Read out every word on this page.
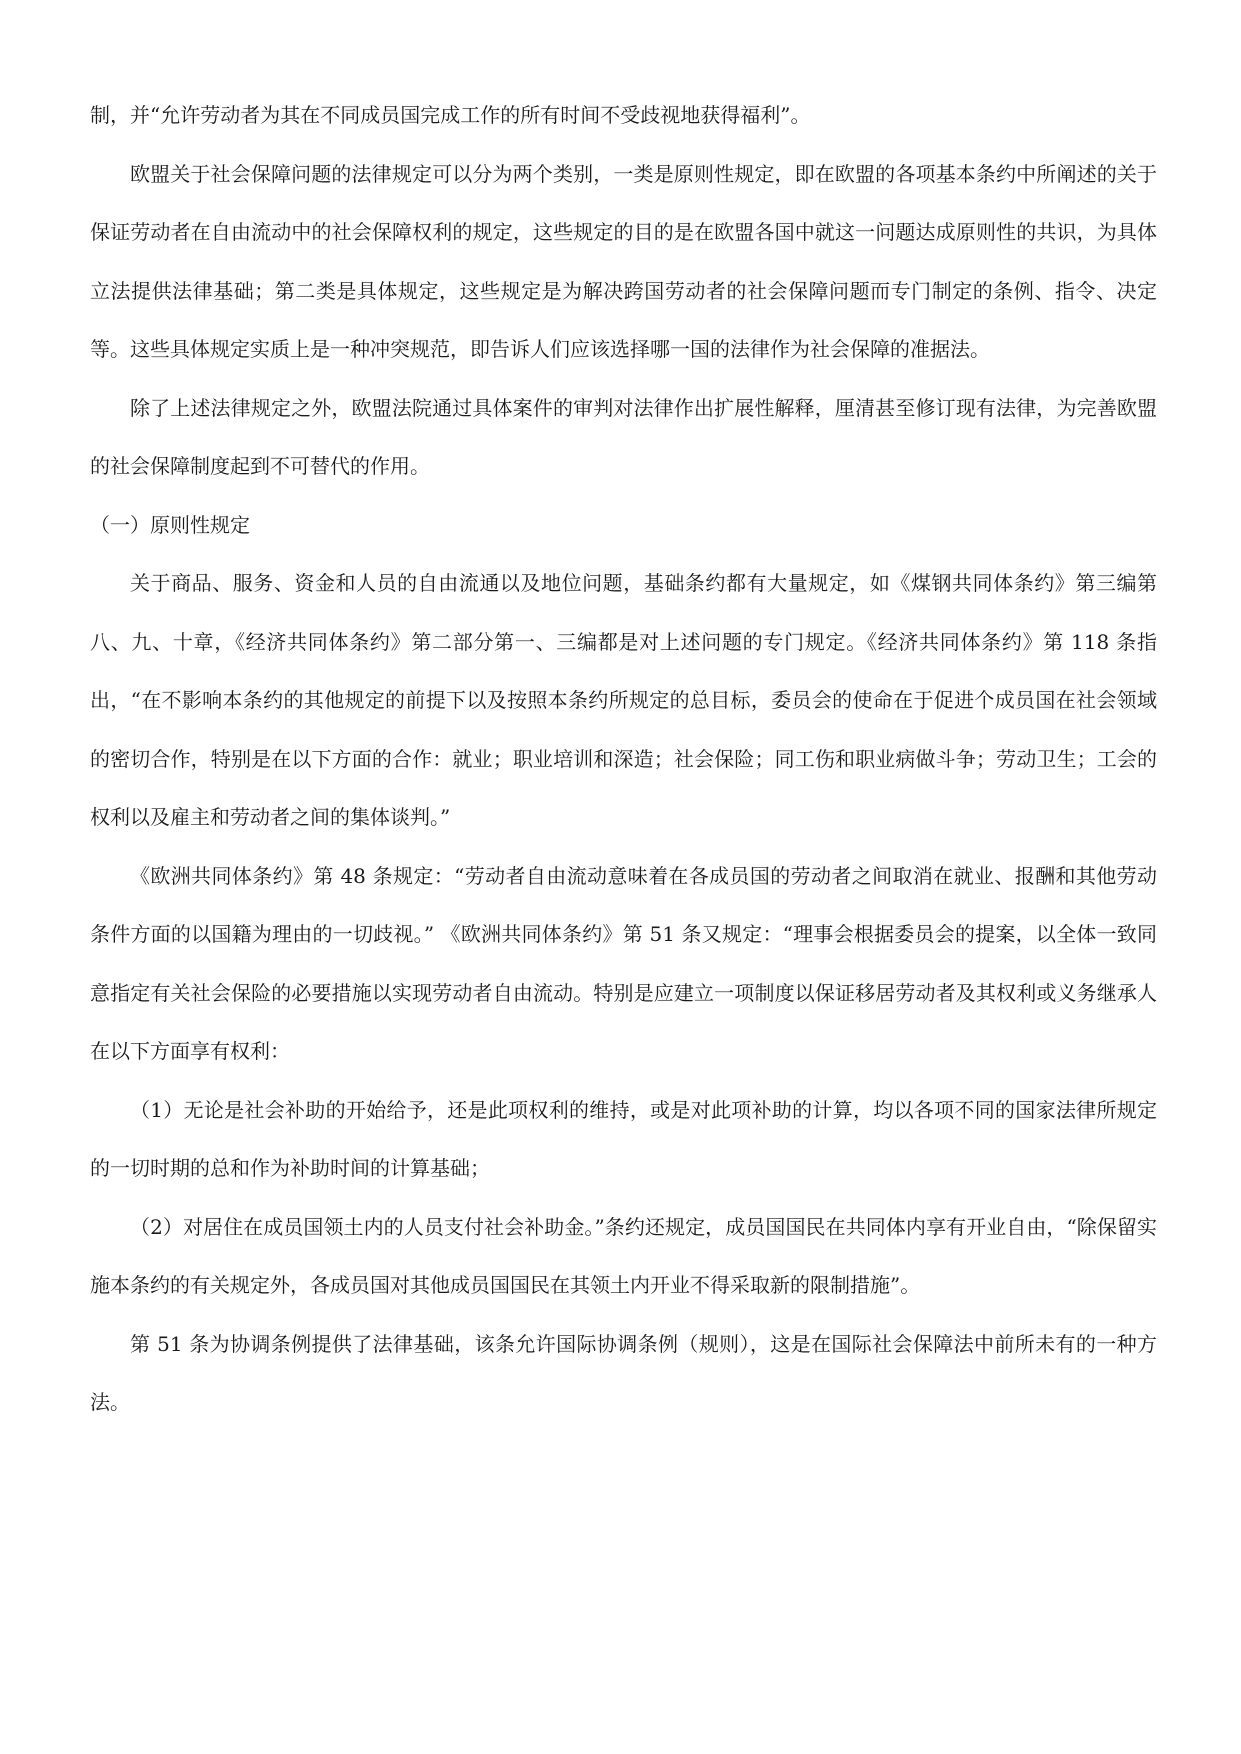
制，并“允许劳动者为其在不同成员国完成工作的所有时间不受歧视地获得福利”。

欧盟关于社会保障问题的法律规定可以分为两个类别，一类是原则性规定，即在欧盟的各项基本条约中所阐述的关于保证劳动者在自由流动中的社会保障权利的规定，这些规定的目的是在欧盟各国中就这一问题达成原则性的共识，为具体立法提供法律基础；第二类是具体规定，这些规定是为解决跨国劳动者的社会保障问题而专门制定的条例、指令、决定等。这些具体规定实质上是一种冲突规范，即告诉人们应该选择哪一国的法律作为社会保障的准据法。

除了上述法律规定之外，欧盟法院通过具体案件的审判对法律作出扩展性解释，厘清甚至修订现有法律，为完善欧盟的社会保障制度起到不可替代的作用。

（一）原则性规定

关于商品、服务、资金和人员的自由流通以及地位问题，基础条约都有大量规定，如《煤钢共同体条约》第三编第八、九、十章，《经济共同体条约》第二部分第一、三编都是对上述问题的专门规定。《经济共同体条约》第 118 条指出，“在不影响本条约的其他规定的前提下以及按照本条约所规定的总目标，委员会的使命在于促进个成员国在社会领域的密切合作，特别是在以下方面的合作：就业；职业培训和深造；社会保险；同工伤和职业病做斗争；劳动卫生；工会的权利以及雇主和劳动者之间的集体谈判。”

《欧洲共同体条约》第 48 条规定：“劳动者自由流动意味着在各成员国的劳动者之间取消在就业、报酬和其他劳动条件方面的以国籍为理由的一切歧视。” 《欧洲共同体条约》第 51 条又规定：“理事会根据委员会的提案，以全体一致同意指定有关社会保险的必要措施以实现劳动者自由流动。特别是应建立一项制度以保证移居劳动者及其权利或义务继承人在以下方面享有权利：

（1）无论是社会补助的开始给予，还是此项权利的维持，或是对此项补助的计算，均以各项不同的国家法律所规定的一切时期的总和作为补助时间的计算基础；

（2）对居住在成员国领土内的人员支付社会补助金。”条约还规定，成员国国民在共同体内享有开业自由，“除保留实施本条约的有关规定外，各成员国对其他成员国国民在其领土内开业不得采取新的限制措施”。

第 51 条为协调条例提供了法律基础，该条允许国际协调条例（规则），这是在国际社会保障法中前所未有的一种方法。
